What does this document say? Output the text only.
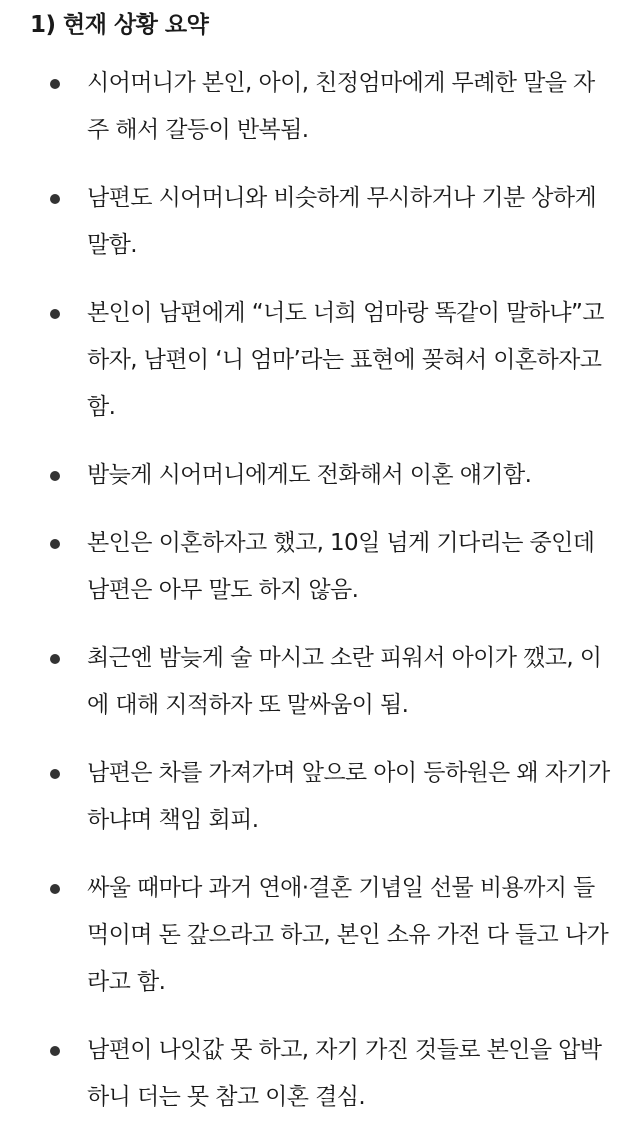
1) 현재 상황 요약
시어머니가 본인, 아이, 친정엄마에게 무례한 말을 자주 해서 갈등이 반복됨.
남편도 시어머니와 비슷하게 무시하거나 기분 상하게 말함.
본인이 남편에게 “너도 너희 엄마랑 똑같이 말하냐”고 하자, 남편이 ‘니 엄마’라는 표현에 꽂혀서 이혼하자고 함.
밤늦게 시어머니에게도 전화해서 이혼 얘기함.
본인은 이혼하자고 했고, 10일 넘게 기다리는 중인데 남편은 아무 말도 하지 않음.
최근엔 밤늦게 술 마시고 소란 피워서 아이가 깼고, 이에 대해 지적하자 또 말싸움이 됨.
남편은 차를 가져가며 앞으로 아이 등하원은 왜 자기가 하냐며 책임 회피.
싸울 때마다 과거 연애·결혼 기념일 선물 비용까지 들먹이며 돈 갚으라고 하고, 본인 소유 가전 다 들고 나가라고 함.
남편이 나잇값 못 하고, 자기 가진 것들로 본인을 압박하니 더는 못 참고 이혼 결심.
